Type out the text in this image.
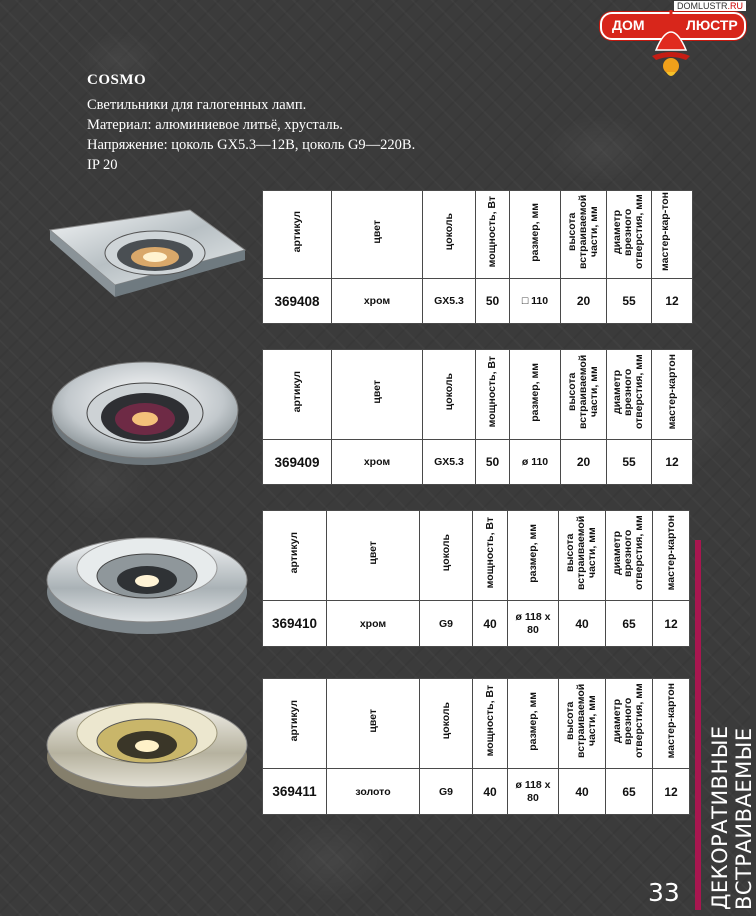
DOMLUSTR.RU
ДОМ	ЛЮСТР
COSMO
Светильники для галогенных ламп.
Материал: алюминиевое литьё, хрусталь.
Напряжение: цоколь GX5.3—12В, цоколь G9—220В.
IP 20
артикул	цвет	цоколь	мощность, Вт	размер, мм	высота встраиваемой части, мм	диаметр врезного отверстия, мм	мастер-кар-тон
369408	хром	GX5.3	50	□ 110	20	55	12
артикул	цвет	цоколь	мощность, Вт	размер, мм	высота встраиваемой части, мм	диаметр врезного отверстия, мм	мастер-картон
369409	хром	GX5.3	50	ø 110	20	55	12
артикул	цвет	цоколь	мощность, Вт	размер, мм	высота встраиваемой части, мм	диаметр врезного отверстия, мм	мастер-картон
369410	хром	G9	40	ø 118 x 80	40	65	12
артикул	цвет	цоколь	мощность, Вт	размер, мм	высота встраиваемой части, мм	диаметр врезного отверстия, мм	мастер-картон
369411	золото	G9	40	ø 118 x 80	40	65	12 ДЕКОРАТИВНЫЕ ВСТРАИВАЕМЫЕ
33
